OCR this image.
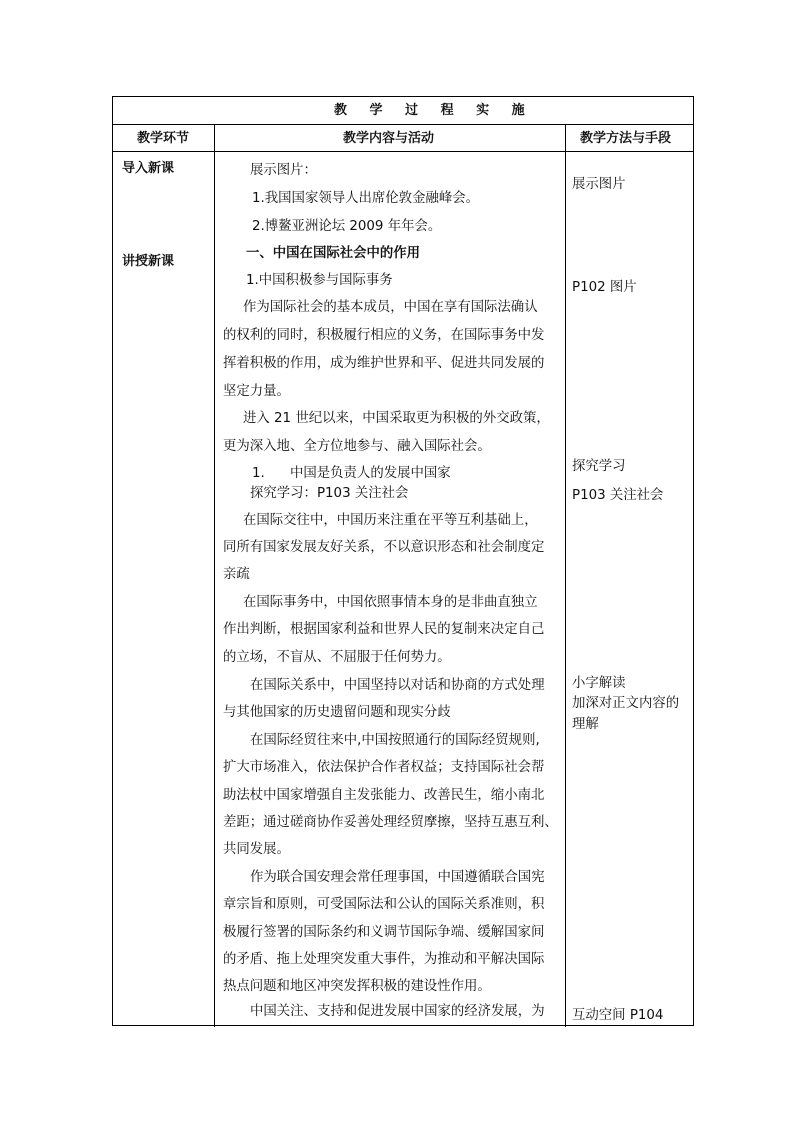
教 学 过 程 实 施
教学环节	教学内容与活动	教学方法与手段
导入新课
讲授新课
展示图片：
1.我国国家领导人出席伦敦金融峰会。
2.博鳌亚洲论坛 2009 年年会。
一、中国在国际社会中的作用
1.中国积极参与国际事务
作为国际社会的基本成员，中国在享有国际法确认
的权利的同时，积极履行相应的义务，在国际事务中发
挥着积极的作用，成为维护世界和平、促进共同发展的
坚定力量。
进入 21 世纪以来，中国采取更为积极的外交政策，
更为深入地、全方位地参与、融入国际社会。
1. 中国是负责人的发展中国家
探究学习：P103 关注社会
在国际交往中，中国历来注重在平等互利基础上，
同所有国家发展友好关系，不以意识形态和社会制度定
亲疏
在国际事务中，中国依照事情本身的是非曲直独立
作出判断，根据国家利益和世界人民的复制来决定自己
的立场，不盲从、不屈服于任何势力。
在国际关系中，中国坚持以对话和协商的方式处理
与其他国家的历史遗留问题和现实分歧
在国际经贸往来中,中国按照通行的国际经贸规则,
扩大市场准入，依法保护合作者权益；支持国际社会帮
助法杖中国家增强自主发张能力、改善民生，缩小南北
差距；通过磋商协作妥善处理经贸摩擦，坚持互惠互利、
共同发展。
作为联合国安理会常任理事国，中国遵循联合国宪
章宗旨和原则，可受国际法和公认的国际关系准则，积
极履行签署的国际条约和义调节国际争端、缓解国家间
的矛盾、拖上处理突发重大事件，为推动和平解决国际
热点问题和地区冲突发挥积极的建设性作用。
中国关注、支持和促进发展中国家的经济发展，为
展示图片
P102 图片
探究学习
P103 关注社会
小字解读
加深对正文内容的
理解
互动空间 P104
